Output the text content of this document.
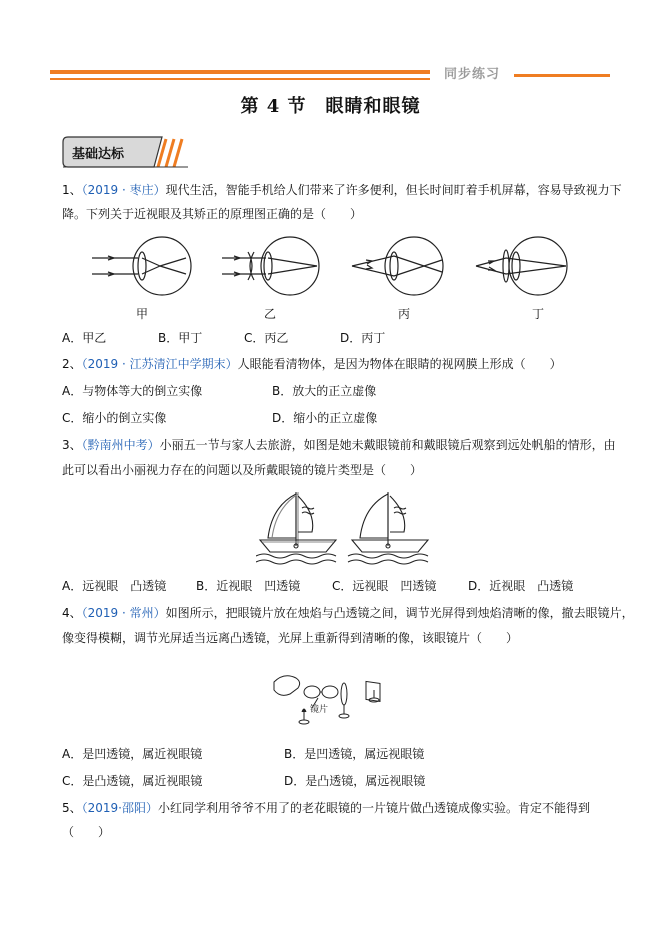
同步练习
第 4 节　眼睛和眼镜
基础达标
1、（2019 · 枣庄）现代生活，智能手机给人们带来了许多便利，但长时间盯着手机屏幕，容易导致视力下
降。下列关于近视眼及其矫正的原理图正确的是（　　）
甲	乙	丙	丁
A．甲乙	B．甲丁	C．丙乙	D．丙丁
2、（2019 · 江苏清江中学期末）人眼能看清物体，是因为物体在眼睛的视网膜上形成（　　）
A．与物体等大的倒立实像	B．放大的正立虚像
C．缩小的倒立实像	D．缩小的正立虚像
3、（黔南州中考）小丽五一节与家人去旅游，如图是她未戴眼镜前和戴眼镜后观察到远处帆船的情形，由
此可以看出小丽视力存在的问题以及所戴眼镜的镜片类型是（　　）
A．远视眼　凸透镜 B．近视眼　凹透镜	C．远视眼　凹透镜	D．近视眼　凸透镜
4、（2019 · 常州）如图所示，把眼镜片放在烛焰与凸透镜之间，调节光屏得到烛焰清晰的像，撤去眼镜片，
像变得模糊，调节光屏适当远离凸透镜，光屏上重新得到清晰的像，该眼镜片（　　）
镜片
A．是凹透镜，属近视眼镜	B．是凹透镜，属远视眼镜
C．是凸透镜，属近视眼镜	D．是凸透镜，属远视眼镜
5、（2019·邵阳）小红同学利用爷爷不用了的老花眼镜的一片镜片做凸透镜成像实验。肯定不能得到
（　　）
